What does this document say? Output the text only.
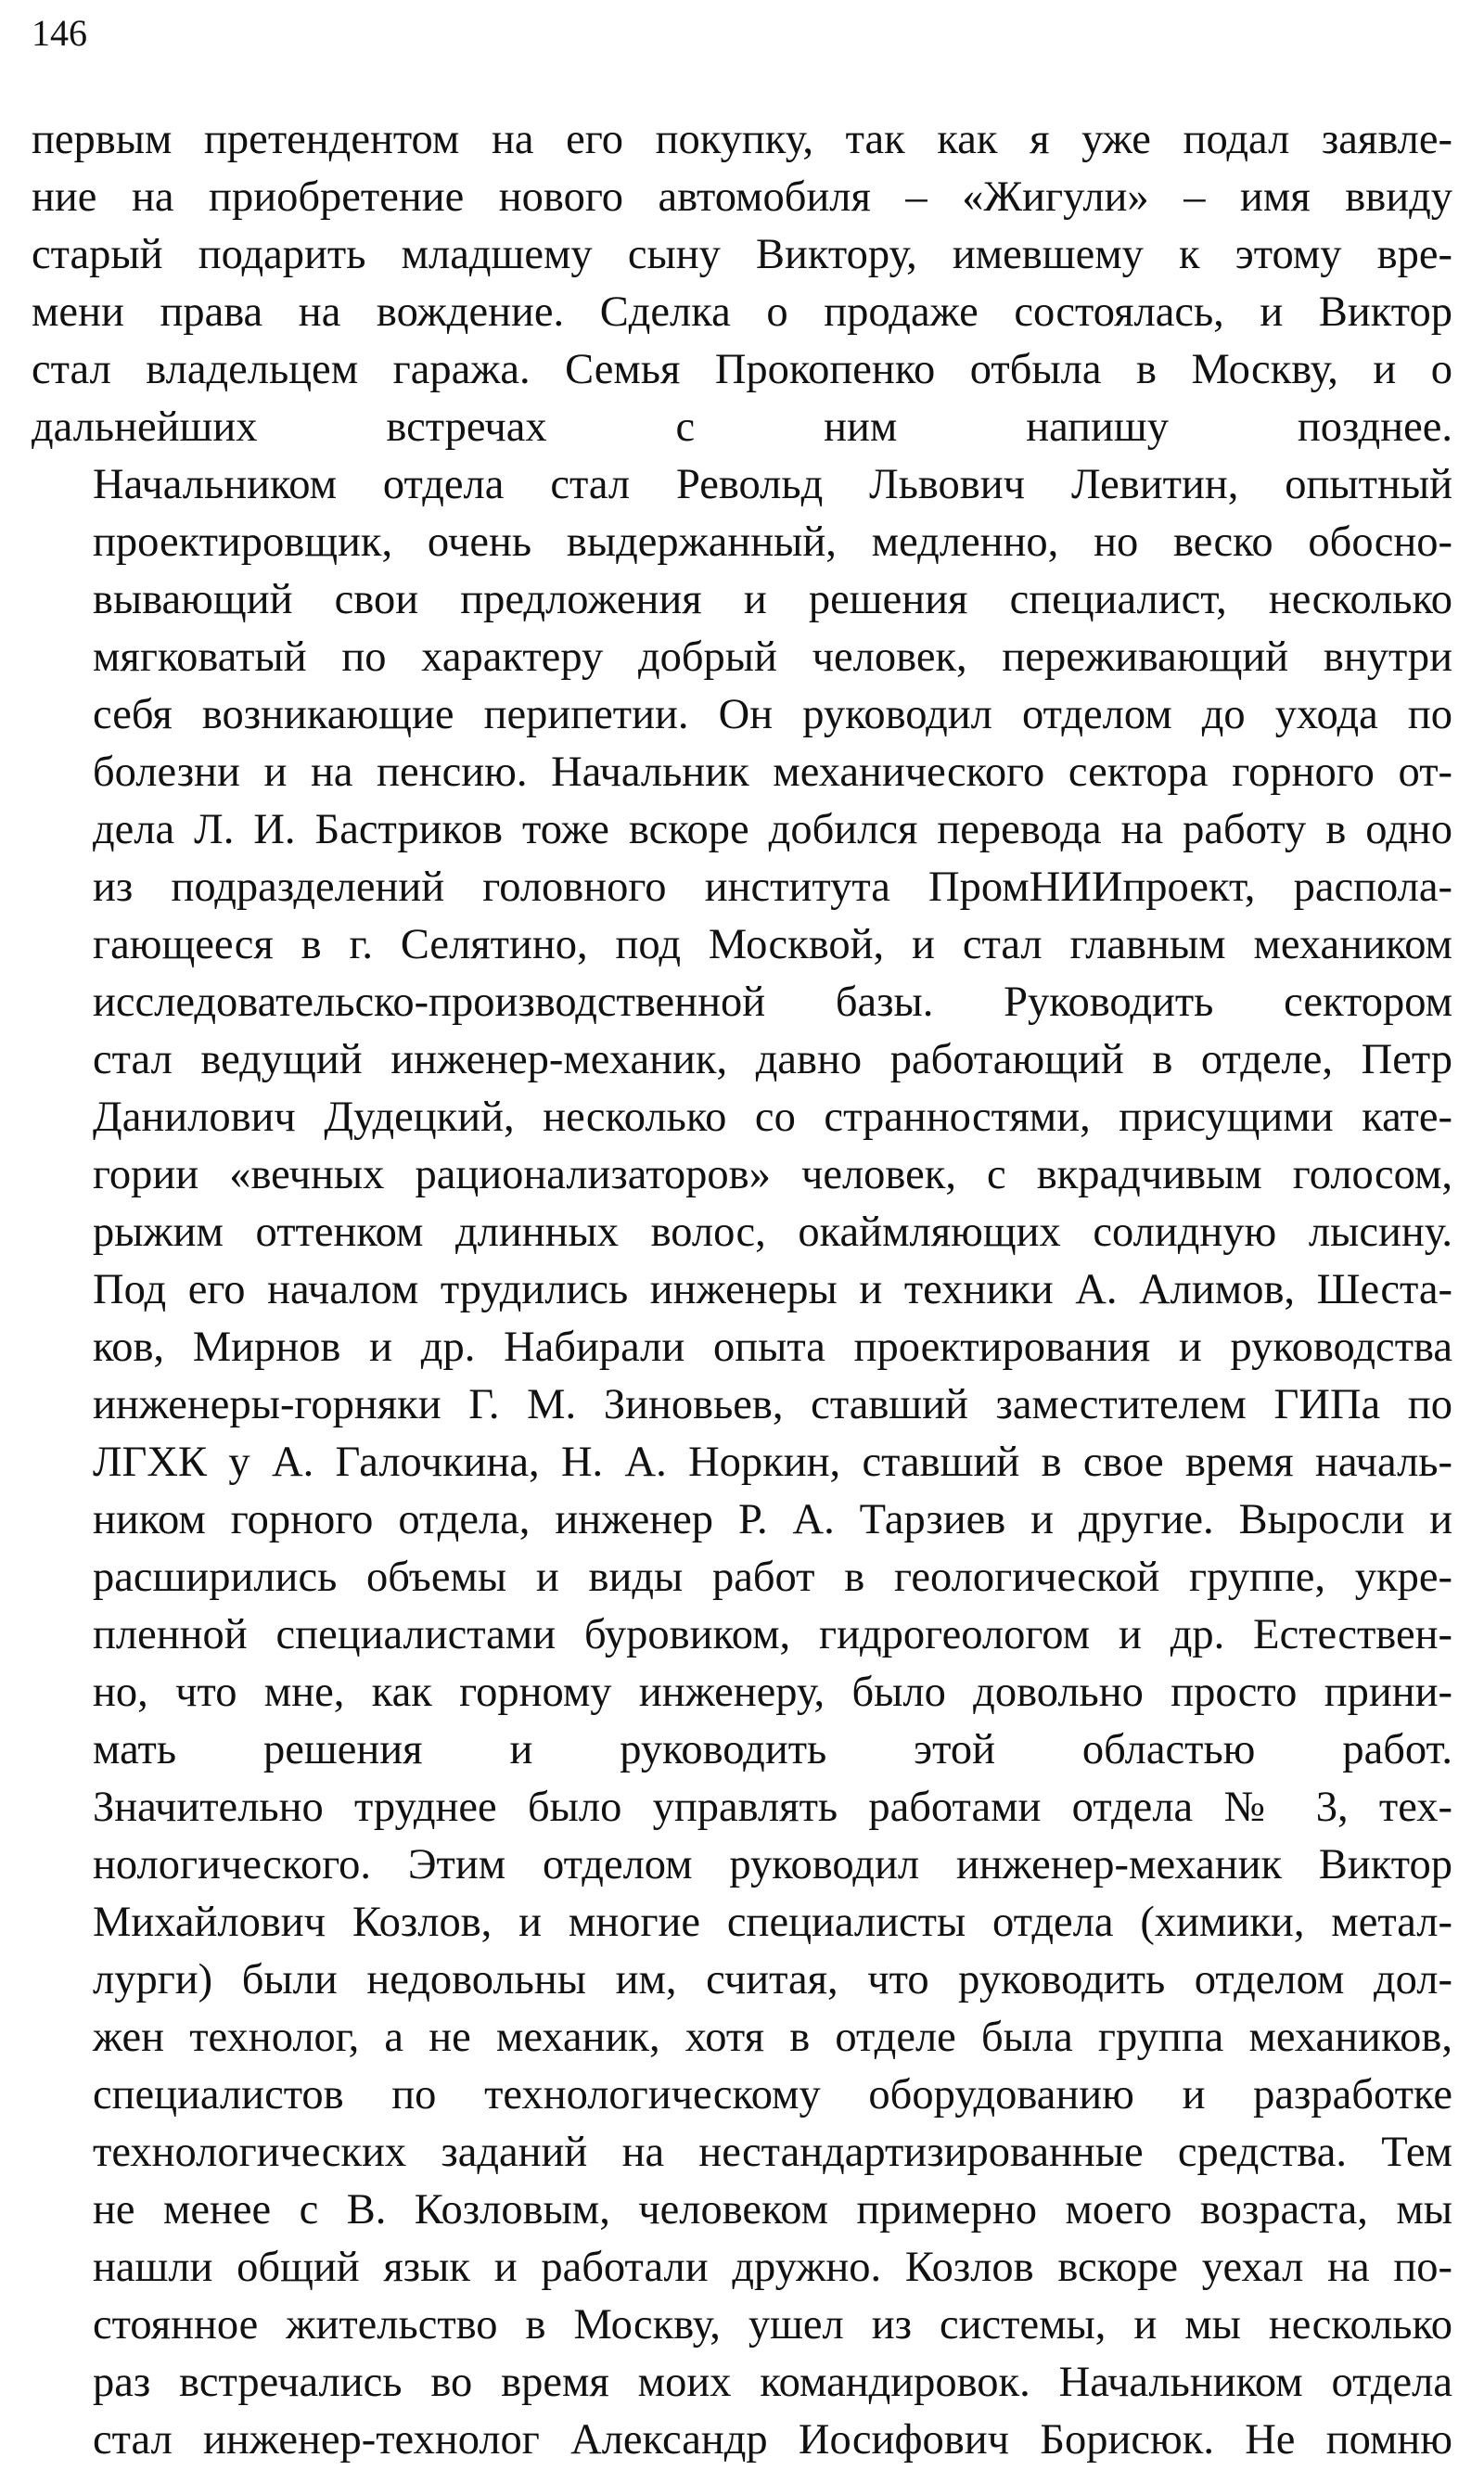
146

первым претендентом на его покупку, так как я уже подал заявле-
ние на приобретение нового автомобиля – «Жигули» – имя ввиду
старый подарить младшему сыну Виктору, имевшему к этому вре-
мени права на вождение. Сделка о продаже состоялась, и Виктор
стал владельцем гаража. Семья Прокопенко отбыла в Москву, и о
дальнейших встречах с ним напишу позднее.

Начальником отдела стал Револьд Львович Левитин, опытный
проектировщик, очень выдержанный, медленно, но веско обосно-
вывающий свои предложения и решения специалист, несколько
мягковатый по характеру добрый человек, переживающий внутри
себя возникающие перипетии. Он руководил отделом до ухода по
болезни и на пенсию. Начальник механического сектора горного от-
дела Л. И. Бастриков тоже вскоре добился перевода на работу в одно
из подразделений головного института ПромНИИпроект, распола-
гающееся в г. Селятино, под Москвой, и стал главным механиком
исследовательско-производственной базы. Руководить сектором
стал ведущий инженер-механик, давно работающий в отделе, Петр
Данилович Дудецкий, несколько со странностями, присущими кате-
гории «вечных рационализаторов» человек, с вкрадчивым голосом,
рыжим оттенком длинных волос, окаймляющих солидную лысину.
Под его началом трудились инженеры и техники А. Алимов, Шеста-
ков, Мирнов и др. Набирали опыта проектирования и руководства
инженеры-горняки Г. М. Зиновьев, ставший заместителем ГИПа по
ЛГХК у А. Галочкина, Н. А. Норкин, ставший в свое время началь-
ником горного отдела, инженер Р. А. Тарзиев и другие. Выросли и
расширились объемы и виды работ в геологической группе, укре-
пленной специалистами буровиком, гидрогеологом и др. Естествен-
но, что мне, как горному инженеру, было довольно просто прини-
мать решения и руководить этой областью работ.

Значительно труднее было управлять работами отдела № 3, тех-
нологического. Этим отделом руководил инженер-механик Виктор
Михайлович Козлов, и многие специалисты отдела (химики, метал-
лурги) были недовольны им, считая, что руководить отделом дол-
жен технолог, а не механик, хотя в отделе была группа механиков,
специалистов по технологическому оборудованию и разработке
технологических заданий на нестандартизированные средства. Тем
не менее с В. Козловым, человеком примерно моего возраста, мы
нашли общий язык и работали дружно. Козлов вскоре уехал на по-
стоянное жительство в Москву, ушел из системы, и мы несколько
раз встречались во время моих командировок. Начальником отдела
стал инженер-технолог Александр Иосифович Борисюк. Не помню
